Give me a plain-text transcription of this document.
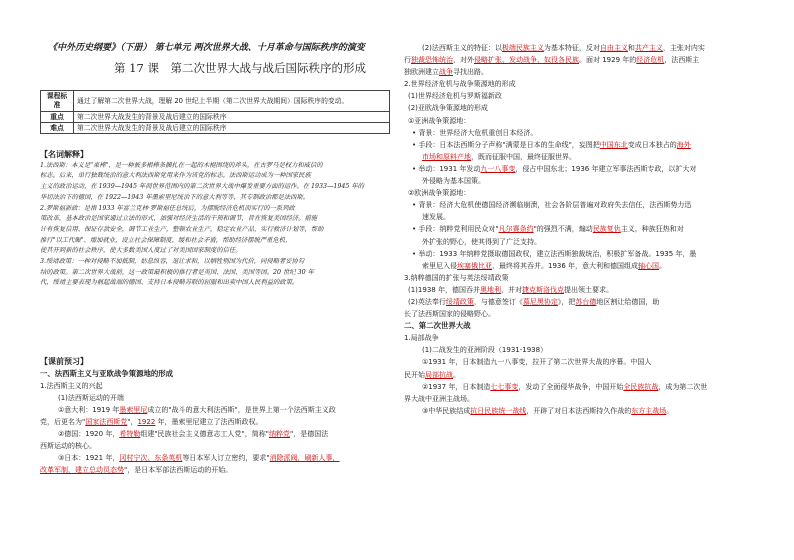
《中外历史纲要》（下册） 第七单元 两次世界大战、十月革命与国际秩序的演变
第 17 课　第二次世界大战与战后国际秩序的形成
课程标准	通过了解第二次世界大战，理解 20 世纪上半期（第二次世界大战期间）国际秩序的变动。
重点	第二次世界大战发生的背景及战后建立的国际秩序
难点	第二次世界大战发生的背景及战后建立的国际秩序
【名词解释】
1.法西斯：本义是"束棒"，是一种被多根棒条捆扎在一起的木棍围绕的斧头，在古罗马是权力和威信的
标志。后来，单行独裁统治的意大利法西斯党用来作为该党的标志。法西斯运动成为一种国家民族
主义的政治运动，在 1939—1945 年间世界范围内的第二次世界大战中爆发重要方面的运作。在 1933—1945 年的
华切法治下的德国，在 1922—1943 年墨索里尼统治下的意大利等等，其专制政治都是法西斯。
2.罗斯福新政：是指 1933 年富兰克林·罗斯福任总统后，为摆脱经济危机而实行的一系列政
策改革，基本政治是国家通过立法的形式，加强对经济生活的干预和调节，旨在恢复美国经济。措施
计有恢复信用、保证存款安全，调节工业生产，整顿农业生产，稳定农业产品，实行救济计划等，帮助
推行"以工代赈"、增加就业，设立社会保障制度，缓和社会矛盾，帮助经济摆脱严重危机，
使其开到新的社会秩序，使大多数美国人度过了对美国国家制度的信任。
3.绥靖政策：一种对侵略不加抵制，姑息纵容，退让求和，以牺牲别国为代价，同侵略者妥协勾
结的政策。第二次世界大战前，这一政策最积极的推行者是英国、法国、美国等国。20 世纪 30 年
代，绥靖主要表现为祸起战端的德国、支持日本侵略苏联的屈服和出卖中国人民利益的政策。
【课前预习】
一、法西斯主义与亚欧战争策源地的形成
1.法西斯主义的兴起
(1)法西斯运动的开端
①意大利：1919 年墨索里尼成立的"战斗的意大利法西斯"，是世界上第一个法西斯主义政
党，后更名为"国家法西斯党"，1922 年，墨索里尼建立了法西斯政权。
②德国：1920 年，希特勒组建"民族社会主义德意志工人党"，简称"纳粹党"，是德国法
西斯运动的核心。
③日本：1921 年，冈村宁次、东条英机等日本军人订立密约，要求"消除派阀，刷新人事，
改革军制，建立总动员态势"，是日本军部法西斯运动的开始。
(2)法西斯主义的特征：以极端民族主义为基本特征，反对自由主义和共产主义，主张对内实
行独裁恐怖统治，对外侵略扩张、发动战争、奴役各民族。面对 1929 年的经济危机，法西斯主
独欧洲建立战争寻找出路。
2.世界经济危机与战争策源地的形成
(1)世界经济危机与罗斯福新政
(2)亚欧战争策源地的形成
①亚洲战争策源地：
• 背景：世界经济大危机重创日本经济。
• 手段：日本法西斯分子声称"满蒙是日本的生命线"，妄图把中国东北变成日本独占的海外
市场和原料产地，既而征服中国，最终征服世界。
• 举动：1931 年发动九一八事变，侵占中国东北；1936 年建立军事法西斯专政，以扩大对
外侵略为基本国策。
②欧洲战争策源地：
• 背景：经济大危机使德国经济濒临崩溃，社会各阶层普遍对政府失去信任，法西斯势力迅
速发展。
• 手段：纳粹党利用民众对"凡尔赛条约"的强烈不满，煽动民族复仇主义，种族狂热和对
外扩张的野心，使其得到了广泛支持。
• 举动：1933 年纳粹党摄取德国政权，建立法西斯独裁统治，积极扩军备战。1935 年，墨
索里尼入侵埃塞俄比亚，最终将其吞并。1936 年，意大利和德国组成轴心国。
3.纳粹德国的扩张与英法绥靖政策
(1)1938 年，德国吞并奥地利，并对捷克斯洛伐克提出领土要求。
(2)英法奉行绥靖政策，与德意签订《慕尼黑协定》，把苏台德地区割让给德国，助
长了法西斯国家的侵略野心。
二、第二次世界大战
1.局部战争
(1)二战发生的亚洲阶段（1931-1938）
①1931 年，日本制造九一八事变，拉开了第二次世界大战的序幕。中国人
民开始局部抗战。
②1937 年，日本制造七七事变，发动了全面侵华战争，中国开始全民族抗战，成为第二次世
界大战中亚洲主战场。
③中华民族结成抗日民族统一战线，开辟了对日本法西斯持久作战的东方主战场。
